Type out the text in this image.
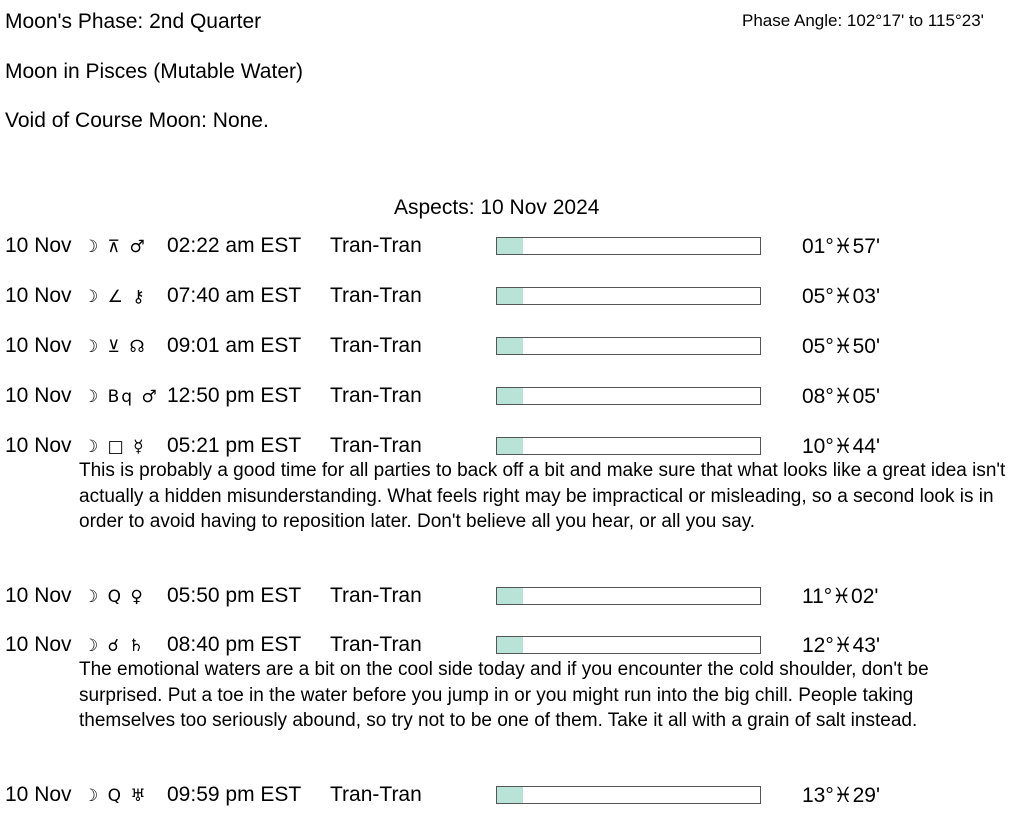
Moon's Phase: 2nd Quarter	Phase Angle: 102°17' to 115°23'
Moon in Pisces (Mutable Water)
Void of Course Moon: None.
Aspects: 10 Nov 2024
10 Nov ☽ ⊼ ♂ 02:22 am EST Tran-Tran	01°♓57'
10 Nov ☽ ∠ ⚷ 07:40 am EST Tran-Tran	05°♓03'
10 Nov ☽ ⊻ ☊ 09:01 am EST Tran-Tran	05°♓50'
10 Nov ☽ Bq ♂ 12:50 pm EST Tran-Tran	08°♓05'
10 Nov ☽ □ ☿ 05:21 pm EST Tran-Tran	10°♓44'
This is probably a good time for all parties to back off a bit and make sure that what looks like a great idea isn't actually a hidden misunderstanding. What feels right may be impractical or misleading, so a second look is in order to avoid having to reposition later. Don't believe all you hear, or all you say.
10 Nov ☽ Q ♀ 05:50 pm EST Tran-Tran	11°♓02'
10 Nov ☽ ☌ ♄ 08:40 pm EST Tran-Tran	12°♓43'
The emotional waters are a bit on the cool side today and if you encounter the cold shoulder, don't be surprised. Put a toe in the water before you jump in or you might run into the big chill. People taking themselves too seriously abound, so try not to be one of them. Take it all with a grain of salt instead.
10 Nov ☽ Q ♅ 09:59 pm EST Tran-Tran	13°♓29'
